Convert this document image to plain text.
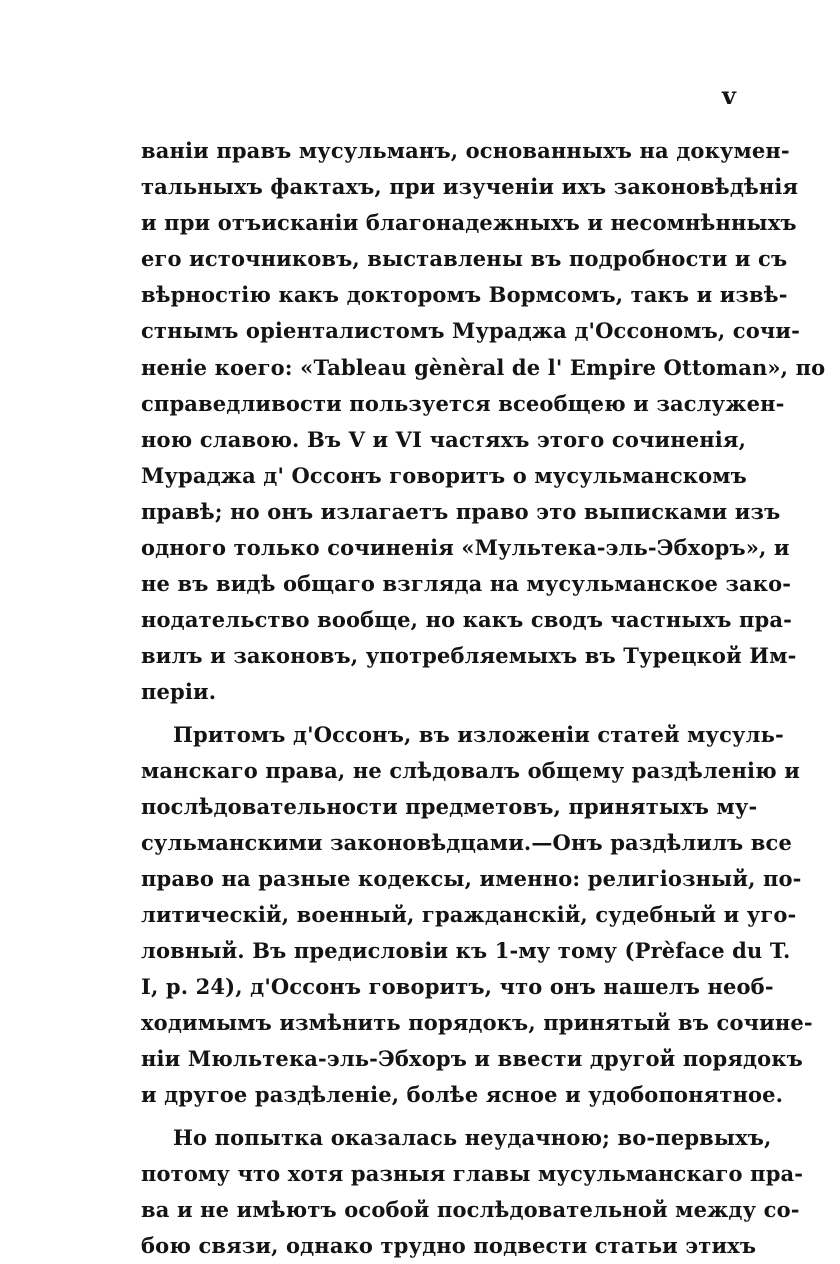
v
ваніи правъ мусульманъ, основанныхъ на докумен-
тальныхъ фактахъ, при изученіи ихъ законовѣдѣнія
и при отъисканіи благонадежныхъ и несомнѣнныхъ
его источниковъ, выставлены въ подробности и съ
вѣрностію какъ докторомъ Вормсомъ, такъ и извѣ-
стнымъ оріенталистомъ Мураджа д'Оссономъ, сочи-
неніе коего: «Tableau gènèral de l' Empire Ottoman», по
справедливости пользуется всеобщею и заслужен-
ною славою. Въ V и VI частяхъ этого сочиненія,
Мураджа д' Оссонъ говоритъ о мусульманскомъ
правѣ; но онъ излагаетъ право это выписками изъ
одного только сочиненія «Мультека-эль-Эбхоръ», и
не въ видѣ общаго взгляда на мусульманское зако-
нодательство вообще, но какъ сводъ частныхъ пра-
вилъ и законовъ, употребляемыхъ въ Турецкой Им-
періи.
Притомъ д'Оссонъ, въ изложеніи статей мусуль-
манскаго права, не слѣдовалъ общему раздѣленію и
послѣдовательности предметовъ, принятыхъ му-
сульманскими законовѣдцами.—Онъ раздѣлилъ все
право на разные кодексы, именно: религіозный, по-
литическій, военный, гражданскій, судебный и уго-
ловный. Въ предисловіи къ 1-му тому (Prèface du T.
I, p. 24), д'Оссонъ говоритъ, что онъ нашелъ необ-
ходимымъ измѣнить порядокъ, принятый въ сочине-
ніи Мюльтека-эль-Эбхоръ и ввести другой порядокъ
и другое раздѣленіе, болѣе ясное и удобопонятное.
Но попытка оказалась неудачною; во-первыхъ,
потому что хотя разныя главы мусульманскаго пра-
ва и не имѣютъ особой послѣдовательной между со-
бою связи, однако трудно подвести статьи этихъ
